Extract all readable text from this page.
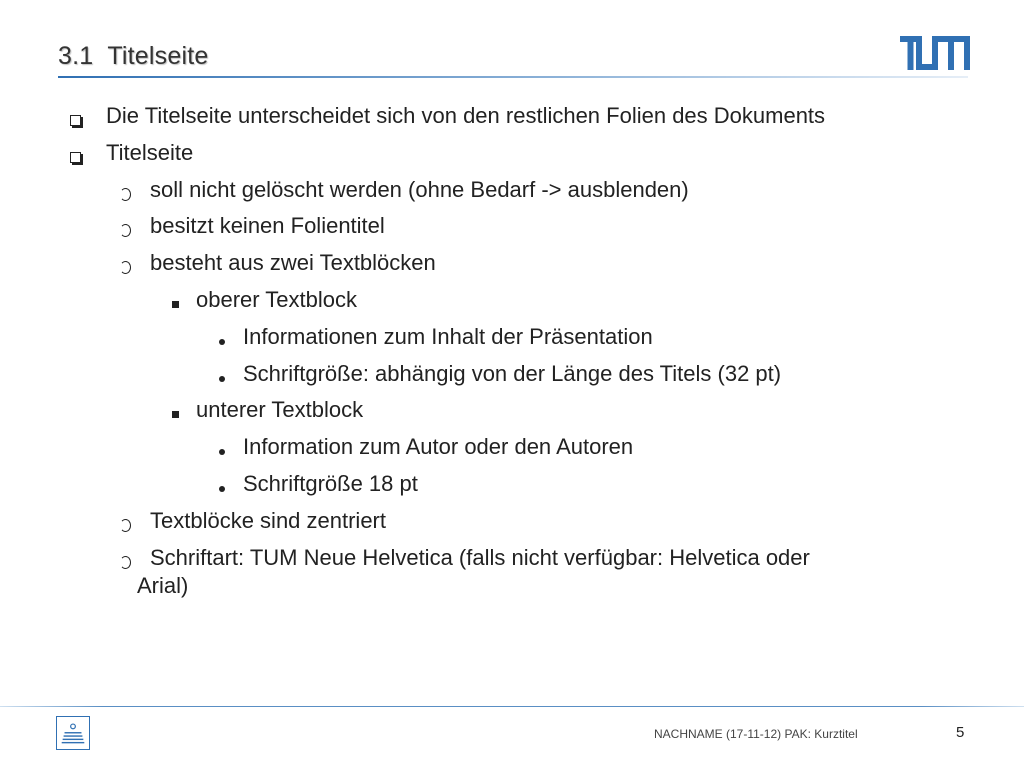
3.1 Titelseite
Die Titelseite unterscheidet sich von den restlichen Folien des Dokuments
Titelseite
soll nicht gelöscht werden (ohne Bedarf -> ausblenden)
besitzt keinen Folientitel
besteht aus zwei Textblöcken
oberer Textblock
Informationen zum Inhalt der Präsentation
Schriftgröße: abhängig von der Länge des Titels (32 pt)
unterer Textblock
Information zum Autor oder den Autoren
Schriftgröße 18 pt
Textblöcke sind zentriert
Schriftart: TUM Neue Helvetica (falls nicht verfügbar: Helvetica oder
Arial)
NACHNAME (17-11-12) PAK: Kurztitel	5
